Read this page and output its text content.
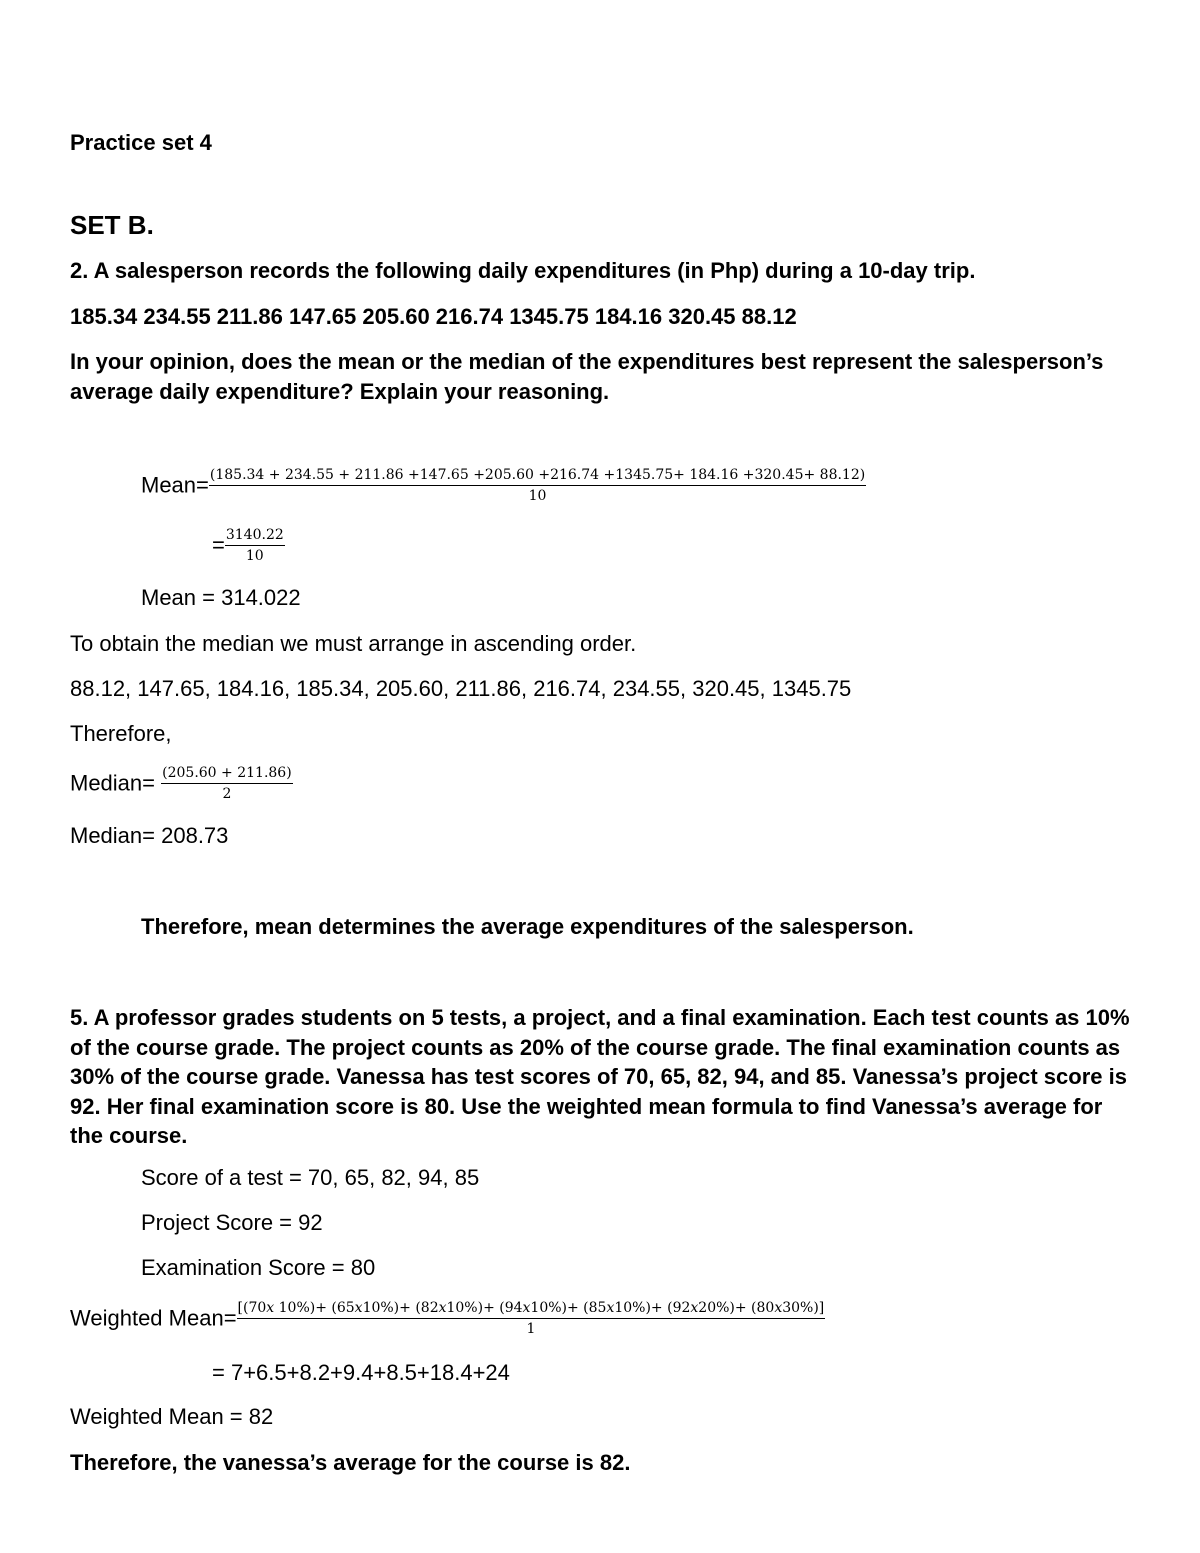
Practice set 4
SET B.
2. A salesperson records the following daily expenditures (in Php) during a 10-day trip.
185.34 234.55 211.86 147.65 205.60 216.74 1345.75 184.16 320.45 88.12
In your opinion, does the mean or the median of the expenditures best represent the salesperson’s average daily expenditure? Explain your reasoning.
Mean= (185.34 + 234.55 + 211.86 +147.65 +205.60 +216.74 +1345.75+ 184.16 +320.45+ 88.12)
10
= $\frac{3140.22}{10}$
Mean = 314.022
To obtain the median we must arrange in ascending order.
88.12, 147.65, 184.16, 185.34, 205.60, 211.86, 216.74, 234.55, 320.45, 1345.75
Therefore,
Median= $\frac{(205.60 + 211.86)}{2}$
Median= 208.73
Therefore, mean determines the average expenditures of the salesperson.
5. A professor grades students on 5 tests, a project, and a final examination. Each test counts as 10% of the course grade. The project counts as 20% of the course grade. The final examination counts as 30% of the course grade. Vanessa has test scores of 70, 65, 82, 94, and 85. Vanessa’s project score is 92. Her final examination score is 80. Use the weighted mean formula to find Vanessa’s average for the course.
Score of a test = 70, 65, 82, 94, 85
Project Score = 92
Examination Score = 80
Weighted Mean= [(70𝑥 10%)+ (65𝑥10%)+ (82𝑥10%)+ (94𝑥10%)+ (85𝑥10%)+ (92𝑥20%)+ (80𝑥30%)]
1
= 7+6.5+8.2+9.4+8.5+18.4+24
Weighted Mean = 82
Therefore, the vanessa’s average for the course is 82.
